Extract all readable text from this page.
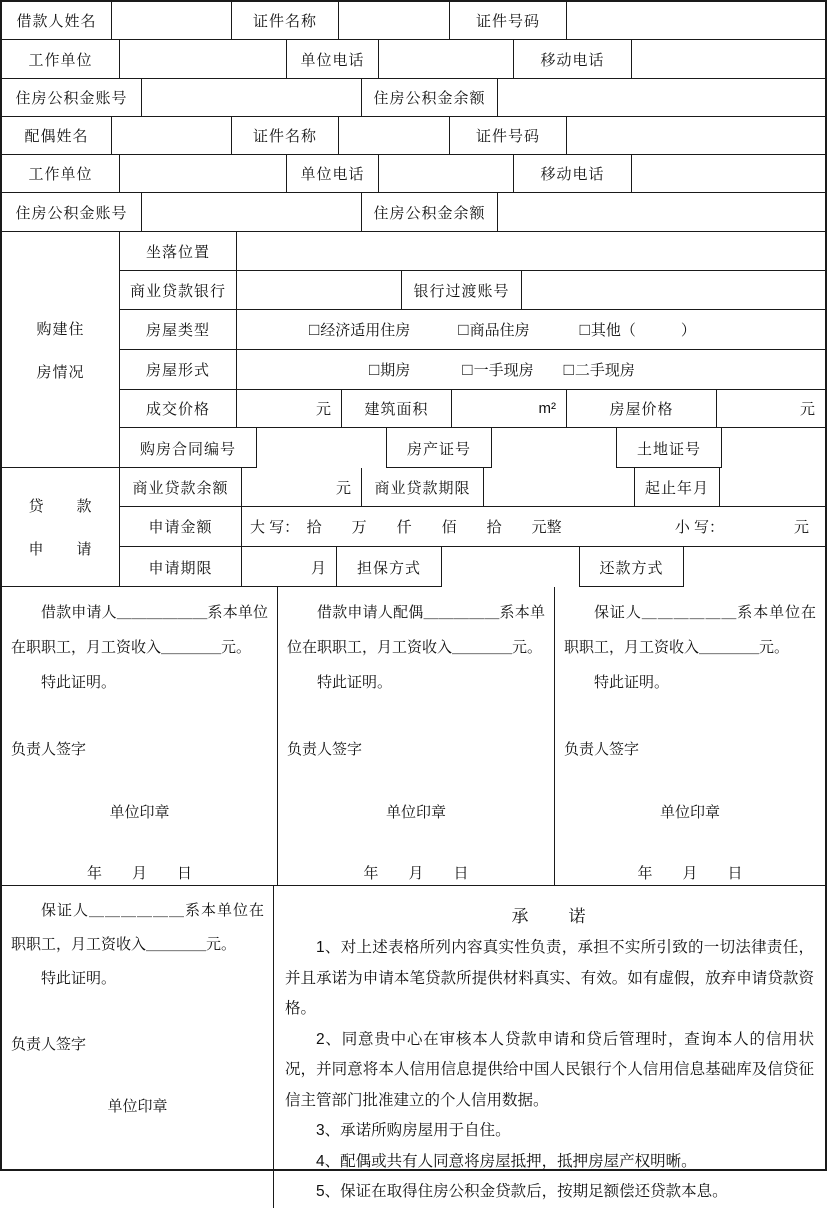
借款人姓名	证件名称	证件号码
工作单位	单位电话	移动电话
住房公积金账号	住房公积金余额
配偶姓名	证件名称	证件号码
工作单位	单位电话	移动电话
住房公积金账号	住房公积金余额
购建住
房情况
坐落位置
商业贷款银行	银行过渡账号
房屋类型	□ 经济适用住房	□ 商品住房	□ 其他（　　　）
房屋形式	□ 期房	□ 一手现房 □ 二手现房
成交价格	元	建筑面积	m²	房屋价格	元
购房合同编号	房产证号	土地证号
贷　　款
申　　请
商业贷款余额	元	商业贷款期限	起止年月
申请金额	大 写：　拾　　万　　仟　　佰　　拾　　元整	小 写：	元
申请期限	月	担保方式	还款方式

借款申请人＿＿＿＿＿＿系本单位在职职工，月工资收入＿＿＿＿元。

特此证明。

负责人签字

单位印章

年　　月　　日

借款申请人配偶＿＿＿＿＿系本单位在职职工，月工资收入＿＿＿＿元。

特此证明。

负责人签字

单位印章

年　　月　　日

保证人＿＿＿＿＿＿系本单位在职职工，月工资收入＿＿＿＿元。

特此证明。

负责人签字

单位印章

年　　月　　日

保证人＿＿＿＿＿＿系本单位在职职工，月工资收入＿＿＿＿元。

特此证明。

负责人签字

单位印章

承　　诺

1、对上述表格所列内容真实性负责，承担不实所引致的一切法律责任，并且承诺为申请本笔贷款所提供材料真实、有效。如有虚假，放弃申请贷款资格。

2、同意贵中心在审核本人贷款申请和贷后管理时，查询本人的信用状况，并同意将本人信用信息提供给中国人民银行个人信用信息基础库及信贷征信主管部门批准建立的个人信用数据。

3、承诺所购房屋用于自住。

4、配偶或共有人同意将房屋抵押，抵押房屋产权明晰。

5、保证在取得住房公积金贷款后，按期足额偿还贷款本息。
